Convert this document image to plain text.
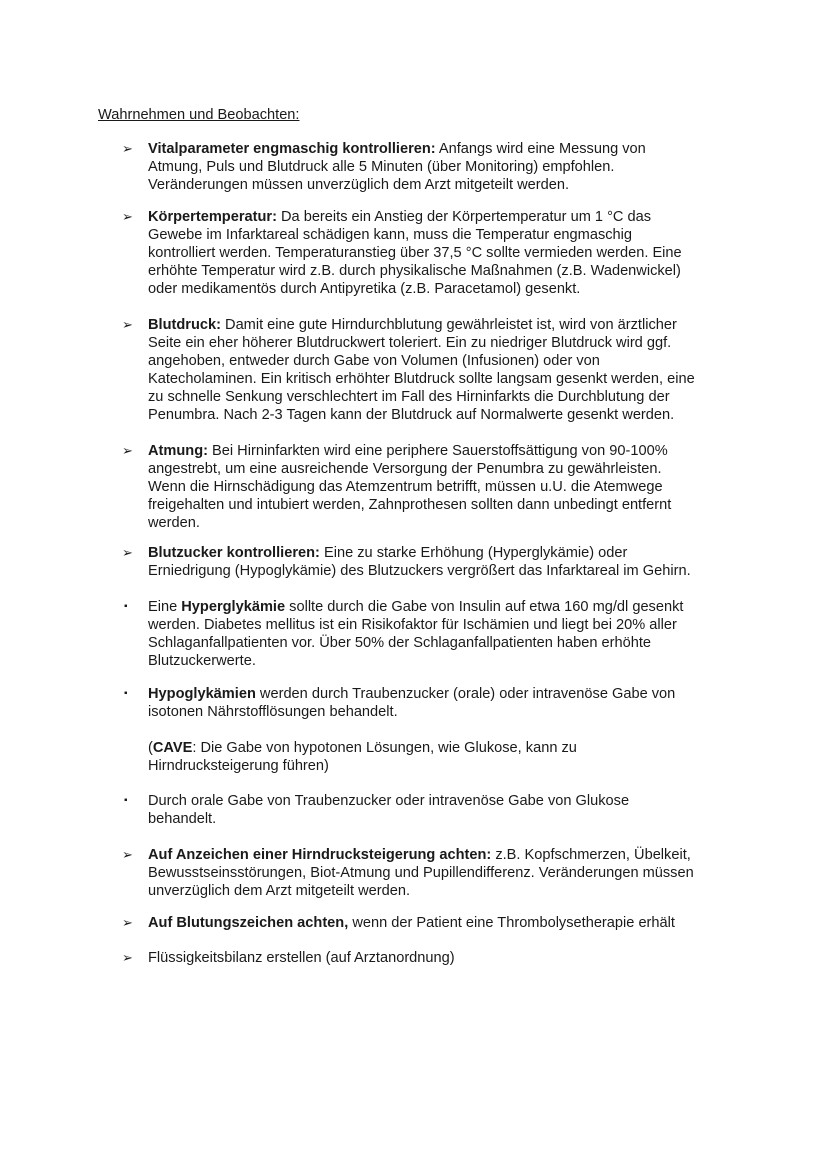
Wahrnehmen und Beobachten:
➢	Vitalparameter engmaschig kontrollieren: Anfangs wird eine Messung von
Atmung, Puls und Blutdruck alle 5 Minuten (über Monitoring) empfohlen.
Veränderungen müssen unverzüglich dem Arzt mitgeteilt werden.
➢	Körpertemperatur: Da bereits ein Anstieg der Körpertemperatur um 1 °C das
Gewebe im Infarktareal schädigen kann, muss die Temperatur engmaschig
kontrolliert werden. Temperaturanstieg über 37,5 °C sollte vermieden werden. Eine
erhöhte Temperatur wird z.B. durch physikalische Maßnahmen (z.B. Wadenwickel)
oder medikamentös durch Antipyretika (z.B. Paracetamol) gesenkt.
➢	Blutdruck: Damit eine gute Hirndurchblutung gewährleistet ist, wird von ärztlicher
Seite ein eher höherer Blutdruckwert toleriert. Ein zu niedriger Blutdruck wird ggf.
angehoben, entweder durch Gabe von Volumen (Infusionen) oder von
Katecholaminen. Ein kritisch erhöhter Blutdruck sollte langsam gesenkt werden, eine
zu schnelle Senkung verschlechtert im Fall des Hirninfarkts die Durchblutung der
Penumbra. Nach 2-3 Tagen kann der Blutdruck auf Normalwerte gesenkt werden.
➢	Atmung: Bei Hirninfarkten wird eine periphere Sauerstoffsättigung von 90-100%
angestrebt, um eine ausreichende Versorgung der Penumbra zu gewährleisten.
Wenn die Hirnschädigung das Atemzentrum betrifft, müssen u.U. die Atemwege
freigehalten und intubiert werden, Zahnprothesen sollten dann unbedingt entfernt
werden.
➢	Blutzucker kontrollieren: Eine zu starke Erhöhung (Hyperglykämie) oder
Erniedrigung (Hypoglykämie) des Blutzuckers vergrößert das Infarktareal im Gehirn.
▪	Eine Hyperglykämie sollte durch die Gabe von Insulin auf etwa 160 mg/dl gesenkt
werden. Diabetes mellitus ist ein Risikofaktor für Ischämien und liegt bei 20% aller
Schlaganfallpatienten vor. Über 50% der Schlaganfallpatienten haben erhöhte
Blutzuckerwerte.
▪	Hypoglykämien werden durch Traubenzucker (orale) oder intravenöse Gabe von
isotonen Nährstofflösungen behandelt.
(CAVE: Die Gabe von hypotonen Lösungen, wie Glukose, kann zu
Hirndrucksteigerung führen)
▪	Durch orale Gabe von Traubenzucker oder intravenöse Gabe von Glukose
behandelt.
➢	Auf Anzeichen einer Hirndrucksteigerung achten: z.B. Kopfschmerzen, Übelkeit,
Bewusstseinsstörungen, Biot-Atmung und Pupillendifferenz. Veränderungen müssen
unverzüglich dem Arzt mitgeteilt werden.
➢	Auf Blutungszeichen achten, wenn der Patient eine Thrombolysetherapie erhält
➢	Flüssigkeitsbilanz erstellen (auf Arztanordnung)
